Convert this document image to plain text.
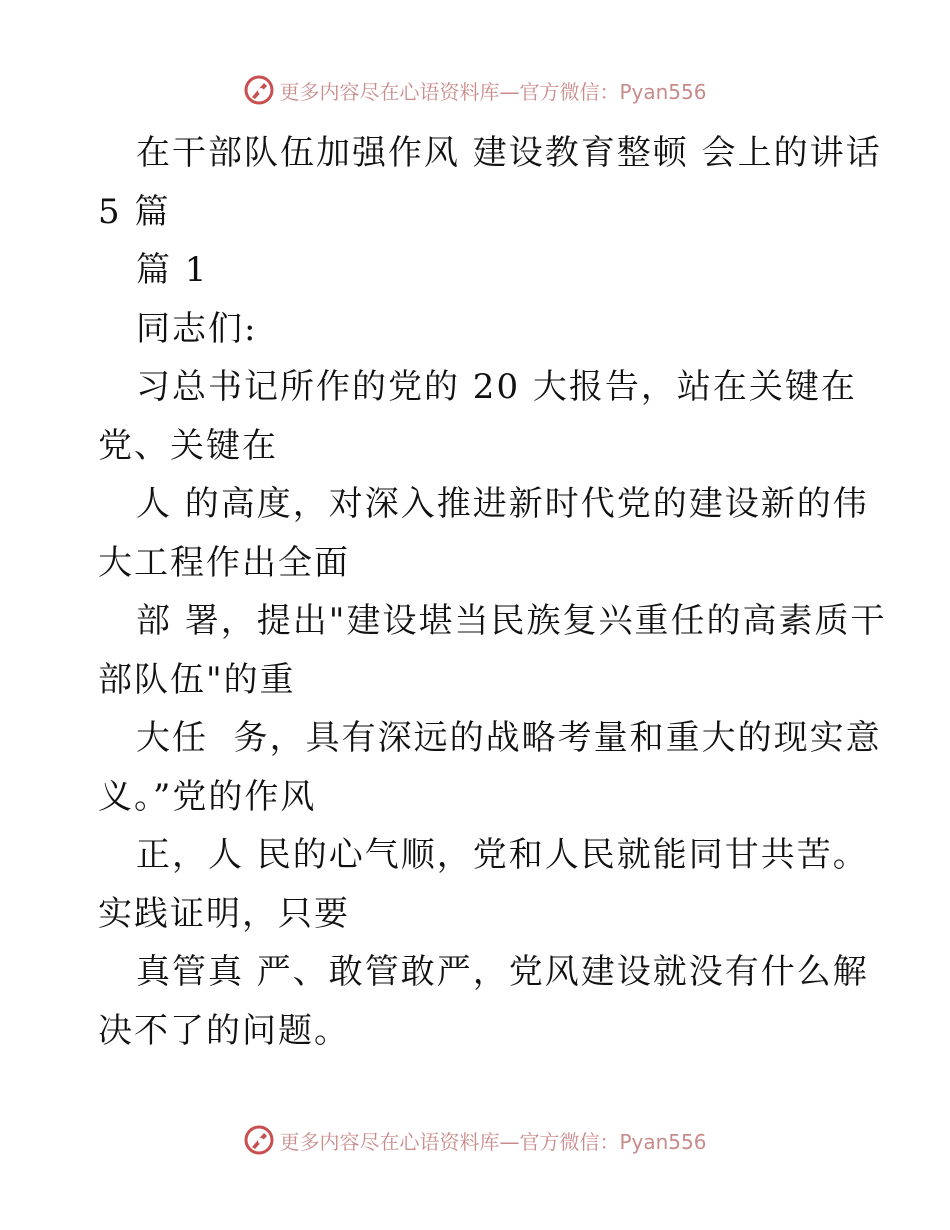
更多内容尽在心语资料库—官方微信：Pyan556
在干部队伍加强作风 建设教育整顿 会上的讲话
5 篇
篇 1
同志们:
习总书记所作的党的 20 大报告，站在关键在
党、关键在
人 的高度，对深入推进新时代党的建设新的伟
大工程作出全面
部 署，提出"建设堪当民族复兴重任的高素质干
部队伍"的重
大任  务，具有深远的战略考量和重大的现实意
义。”党的作风
正，人 民的心气顺，党和人民就能同甘共苦。
实践证明，只要
真管真 严、敢管敢严，党风建设就没有什么解
决不了的问题。
更多内容尽在心语资料库—官方微信：Pyan556
